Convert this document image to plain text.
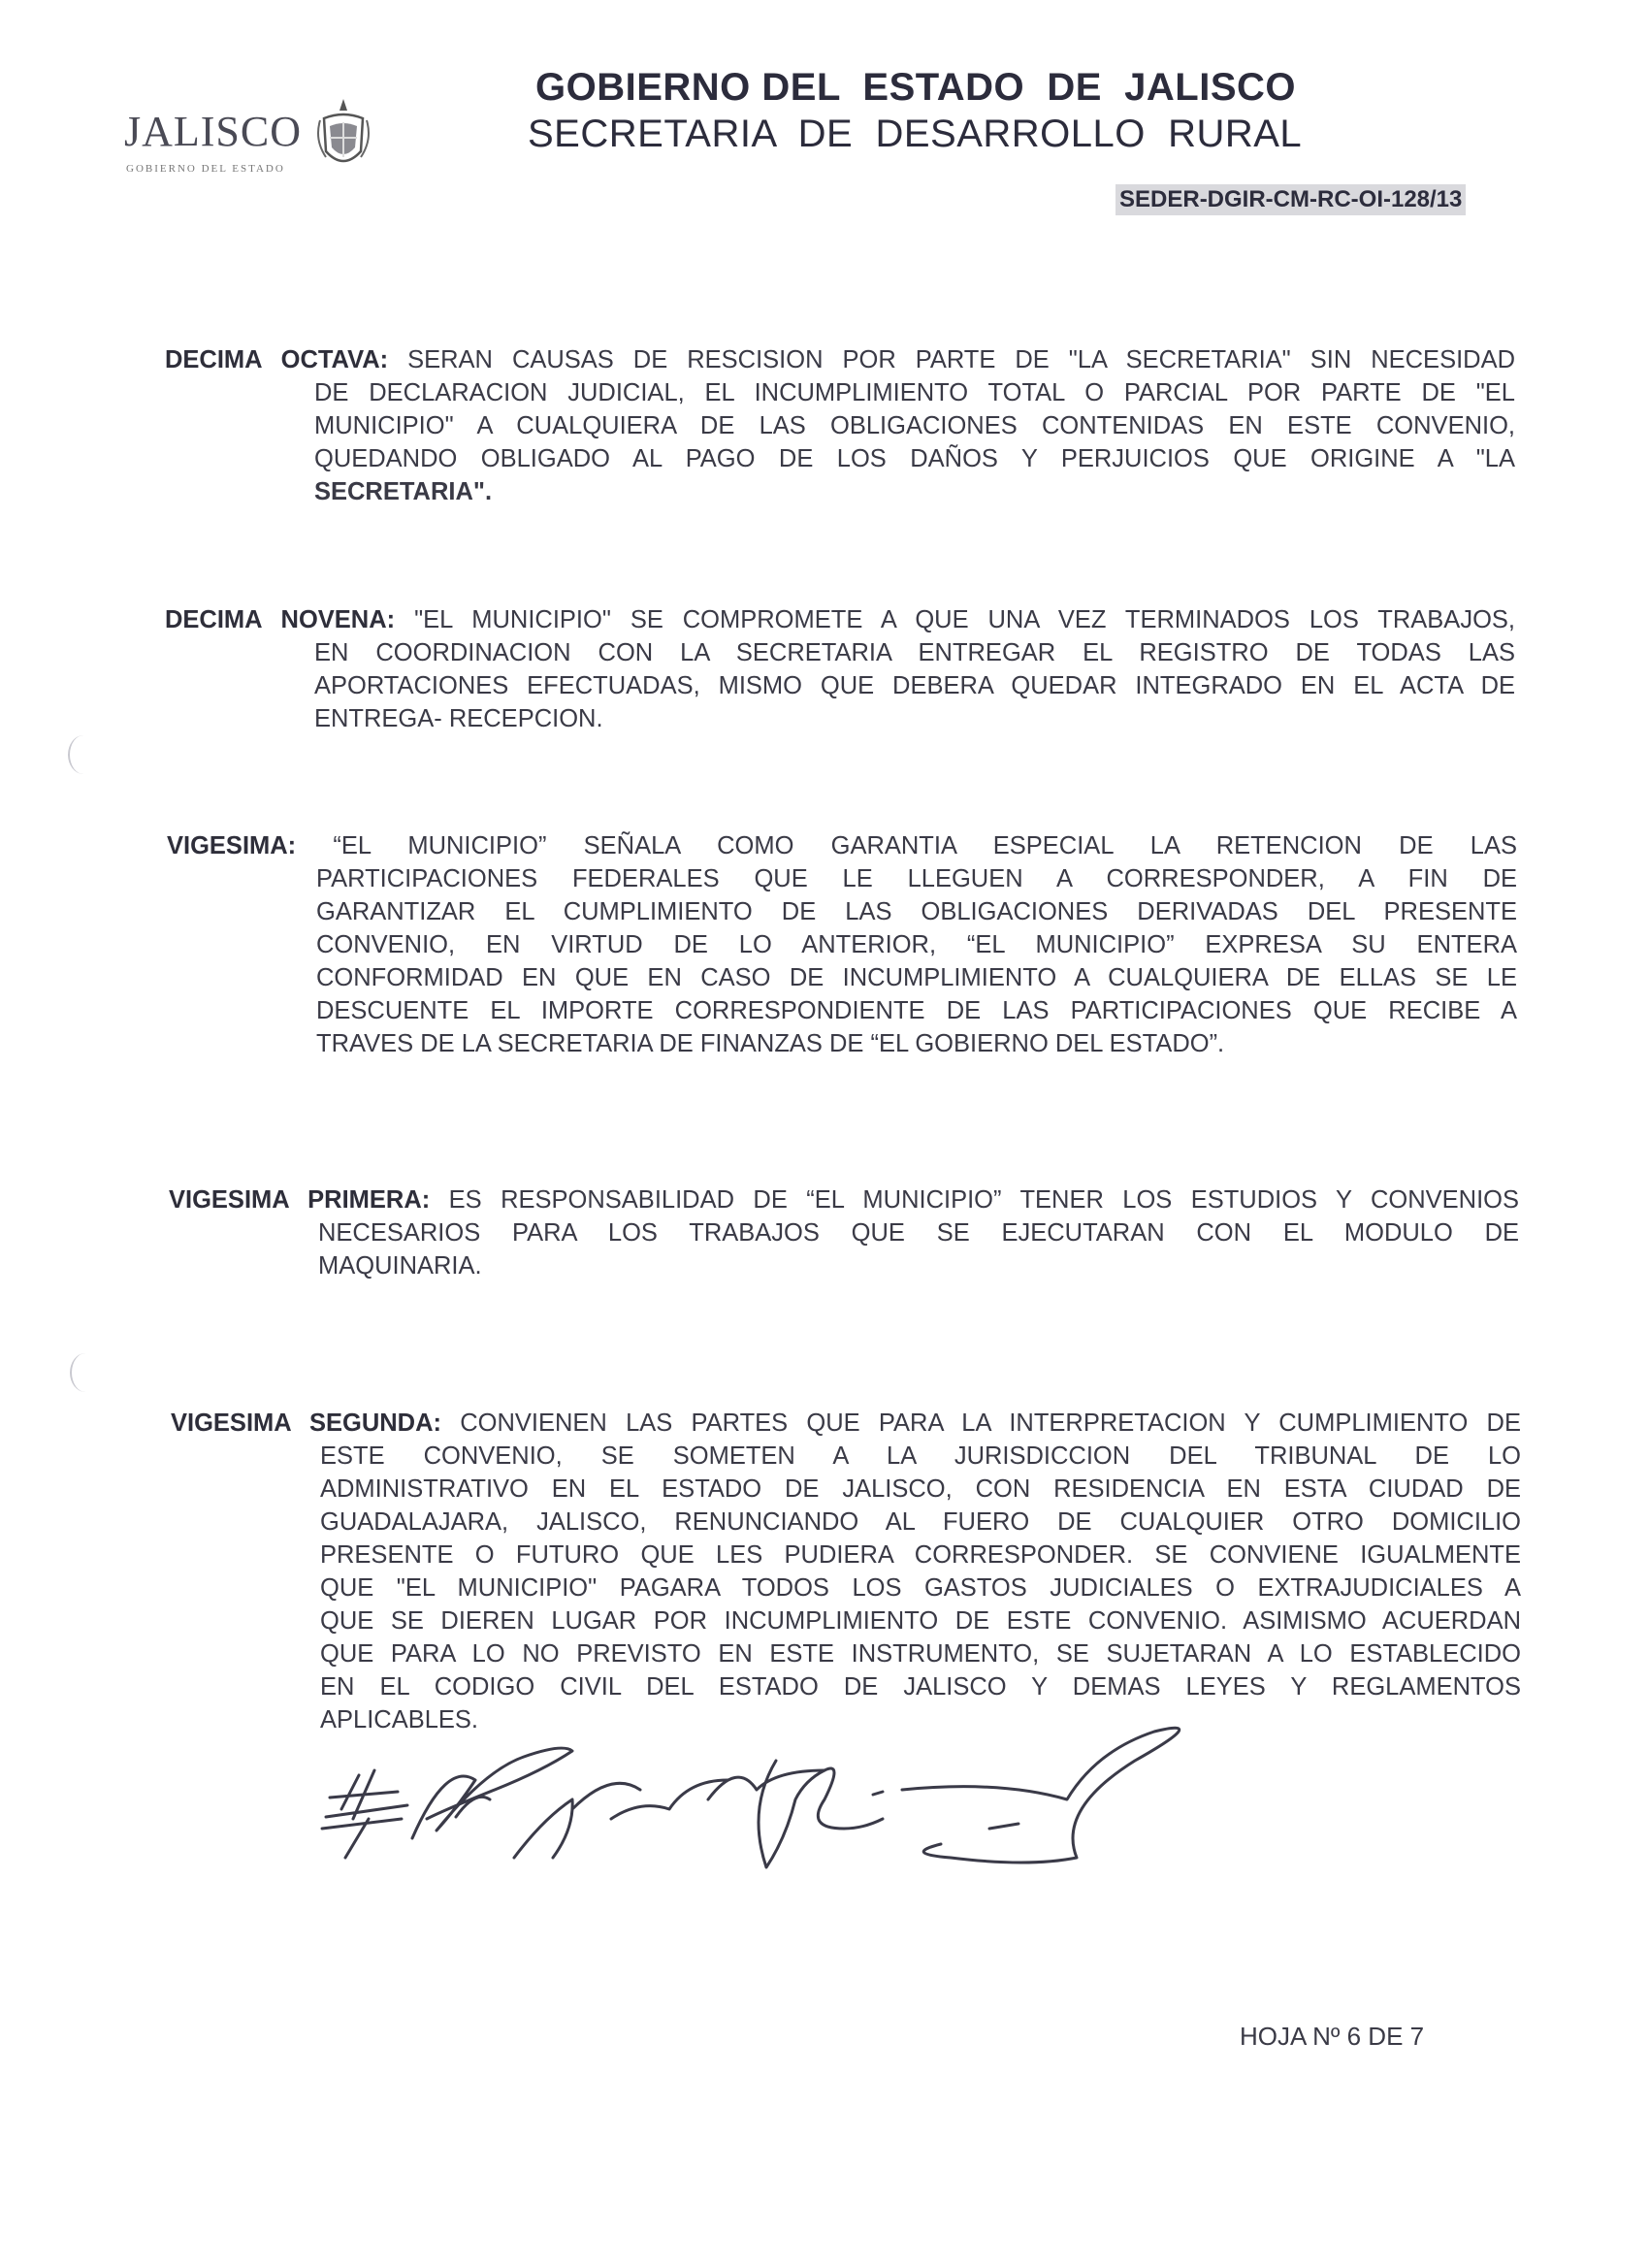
JALISCO
GOBIERNO DEL ESTADO
GOBIERNO DEL  ESTADO  DE  JALISCO
SECRETARIA  DE  DESARROLLO  RURAL
SEDER-DGIR-CM-RC-OI-128/13
DECIMA OCTAVA: SERAN CAUSAS DE RESCISION POR PARTE DE "LA SECRETARIA" SIN NECESIDAD
DE DECLARACION JUDICIAL, EL INCUMPLIMIENTO TOTAL O PARCIAL POR PARTE DE "EL
MUNICIPIO" A CUALQUIERA DE LAS OBLIGACIONES CONTENIDAS EN ESTE CONVENIO,
QUEDANDO OBLIGADO AL PAGO DE LOS DAÑOS Y PERJUICIOS QUE ORIGINE A "LA
SECRETARIA".
DECIMA NOVENA: "EL MUNICIPIO" SE COMPROMETE A QUE UNA VEZ TERMINADOS LOS TRABAJOS,
EN COORDINACION CON LA SECRETARIA ENTREGAR EL REGISTRO DE TODAS LAS
APORTACIONES EFECTUADAS, MISMO QUE DEBERA QUEDAR INTEGRADO EN EL ACTA DE
ENTREGA- RECEPCION.
VIGESIMA: “EL MUNICIPIO” SEÑALA COMO GARANTIA ESPECIAL LA RETENCION DE LAS
PARTICIPACIONES FEDERALES QUE LE LLEGUEN A CORRESPONDER, A FIN DE
GARANTIZAR EL CUMPLIMIENTO DE LAS OBLIGACIONES DERIVADAS DEL PRESENTE
CONVENIO, EN VIRTUD DE LO ANTERIOR, “EL MUNICIPIO” EXPRESA SU ENTERA
CONFORMIDAD EN QUE EN CASO DE INCUMPLIMIENTO A CUALQUIERA DE ELLAS SE LE
DESCUENTE EL IMPORTE CORRESPONDIENTE DE LAS PARTICIPACIONES QUE RECIBE A
TRAVES DE LA SECRETARIA DE FINANZAS DE “EL GOBIERNO DEL ESTADO”.
VIGESIMA PRIMERA: ES RESPONSABILIDAD DE “EL MUNICIPIO” TENER LOS ESTUDIOS Y CONVENIOS
NECESARIOS PARA LOS TRABAJOS QUE SE EJECUTARAN CON EL MODULO DE
MAQUINARIA.
VIGESIMA SEGUNDA: CONVIENEN LAS PARTES QUE PARA LA INTERPRETACION Y CUMPLIMIENTO DE
ESTE CONVENIO, SE SOMETEN A LA JURISDICCION DEL TRIBUNAL DE LO
ADMINISTRATIVO EN EL ESTADO DE JALISCO, CON RESIDENCIA EN ESTA CIUDAD DE
GUADALAJARA, JALISCO, RENUNCIANDO AL FUERO DE CUALQUIER OTRO DOMICILIO
PRESENTE O FUTURO QUE LES PUDIERA CORRESPONDER. SE CONVIENE IGUALMENTE
QUE "EL MUNICIPIO" PAGARA TODOS LOS GASTOS JUDICIALES O EXTRAJUDICIALES A
QUE SE DIEREN LUGAR POR INCUMPLIMIENTO DE ESTE CONVENIO. ASIMISMO ACUERDAN
QUE PARA LO NO PREVISTO EN ESTE INSTRUMENTO, SE SUJETARAN A LO ESTABLECIDO
EN EL CODIGO CIVIL DEL ESTADO DE JALISCO Y DEMAS LEYES Y REGLAMENTOS
APLICABLES.
HOJA Nº 6 DE 7
